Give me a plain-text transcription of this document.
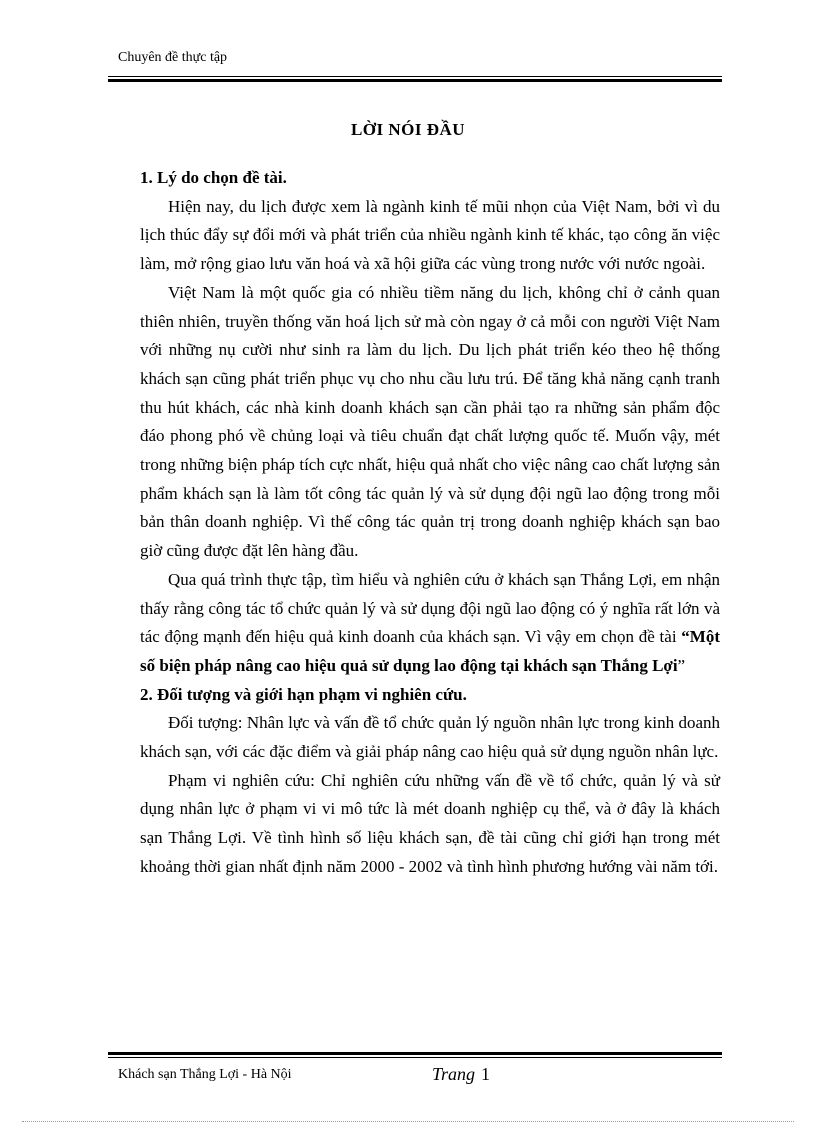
Chuyên đề thực tập
LỜI NÓI ĐẦU
1. Lý do chọn đề tài.

Hiện nay, du lịch được xem là ngành kinh tế mũi nhọn của Việt Nam, bởi vì du lịch thúc đẩy sự đổi mới và phát triển của nhiều ngành kinh tế khác, tạo công ăn việc làm, mở rộng giao lưu văn hoá và xã hội giữa các vùng trong nước với nước ngoài.

Việt Nam là một quốc gia có nhiều tiềm năng du lịch, không chỉ ở cảnh quan thiên nhiên, truyền thống văn hoá lịch sử mà còn ngay ở cả mỗi con người Việt Nam với những nụ cười như sinh ra làm du lịch. Du lịch phát triển kéo theo hệ thống khách sạn cũng phát triển phục vụ cho nhu cầu lưu trú. Để tăng khả năng cạnh tranh thu hút khách, các nhà kinh doanh khách sạn cần phải tạo ra những sản phẩm độc đáo phong phó về chủng loại và tiêu chuẩn đạt chất lượng quốc tế. Muốn vậy, mét trong những biện pháp tích cực nhất, hiệu quả nhất cho việc nâng cao chất lượng sản phẩm khách sạn là làm tốt công tác quản lý và sử dụng đội ngũ lao động trong mỗi bản thân doanh nghiệp. Vì thế công tác quản trị trong doanh nghiệp khách sạn bao giờ cũng được đặt lên hàng đầu.

Qua quá trình thực tập, tìm hiểu và nghiên cứu ở khách sạn Thắng Lợi, em nhận thấy rằng công tác tổ chức quản lý và sử dụng đội ngũ lao động có ý nghĩa rất lớn và tác động mạnh đến hiệu quả kinh doanh của khách sạn. Vì vậy em chọn đề tài “Một số biện pháp nâng cao hiệu quả sử dụng lao động tại khách sạn Thắng Lợi”

2. Đối tượng và giới hạn phạm vi nghiên cứu.

Đối tượng: Nhân lực và vấn đề tổ chức quản lý nguồn nhân lực trong kinh doanh khách sạn, với các đặc điểm và giải pháp nâng cao hiệu quả sử dụng nguồn nhân lực.

Phạm vi nghiên cứu: Chỉ nghiên cứu những vấn đề về tổ chức, quản lý và sử dụng nhân lực ở phạm vi vi mô tức là mét doanh nghiệp cụ thể, và ở đây là khách sạn Thắng Lợi. Về tình hình số liệu khách sạn, đề tài cũng chỉ giới hạn trong mét khoảng thời gian nhất định năm 2000 - 2002 và tình hình phương hướng vài năm tới.

Khách sạn Thắng Lợi - Hà Nội	Trang 1
